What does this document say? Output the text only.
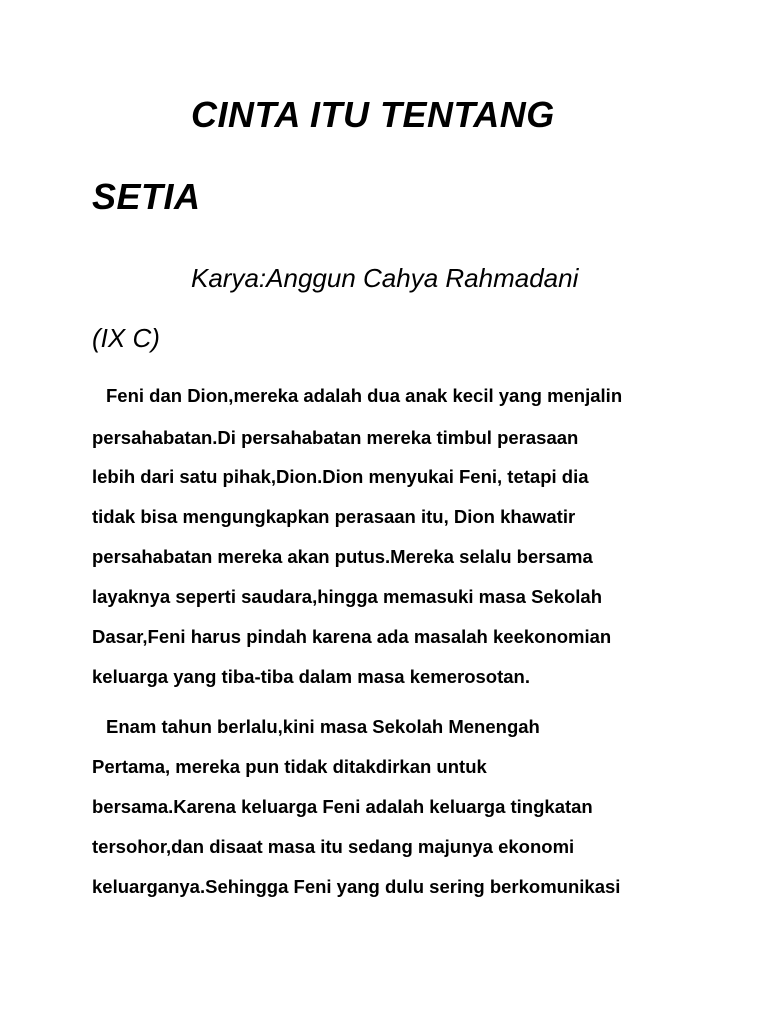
CINTA ITU TENTANG
SETIA
Karya:Anggun Cahya Rahmadani
(IX C)
Feni dan Dion,mereka adalah dua anak kecil yang menjalin
persahabatan.Di persahabatan mereka timbul perasaan
lebih dari satu pihak,Dion.Dion menyukai Feni, tetapi dia
tidak bisa mengungkapkan perasaan itu, Dion khawatir
persahabatan mereka akan putus.Mereka selalu bersama
layaknya seperti saudara,hingga memasuki masa Sekolah
Dasar,Feni harus pindah karena ada masalah keekonomian
keluarga yang tiba-tiba dalam masa kemerosotan.
Enam tahun berlalu,kini masa Sekolah Menengah
Pertama, mereka pun tidak ditakdirkan untuk
bersama.Karena keluarga Feni adalah keluarga tingkatan
tersohor,dan disaat masa itu sedang majunya ekonomi
keluarganya.Sehingga Feni yang dulu sering berkomunikasi
